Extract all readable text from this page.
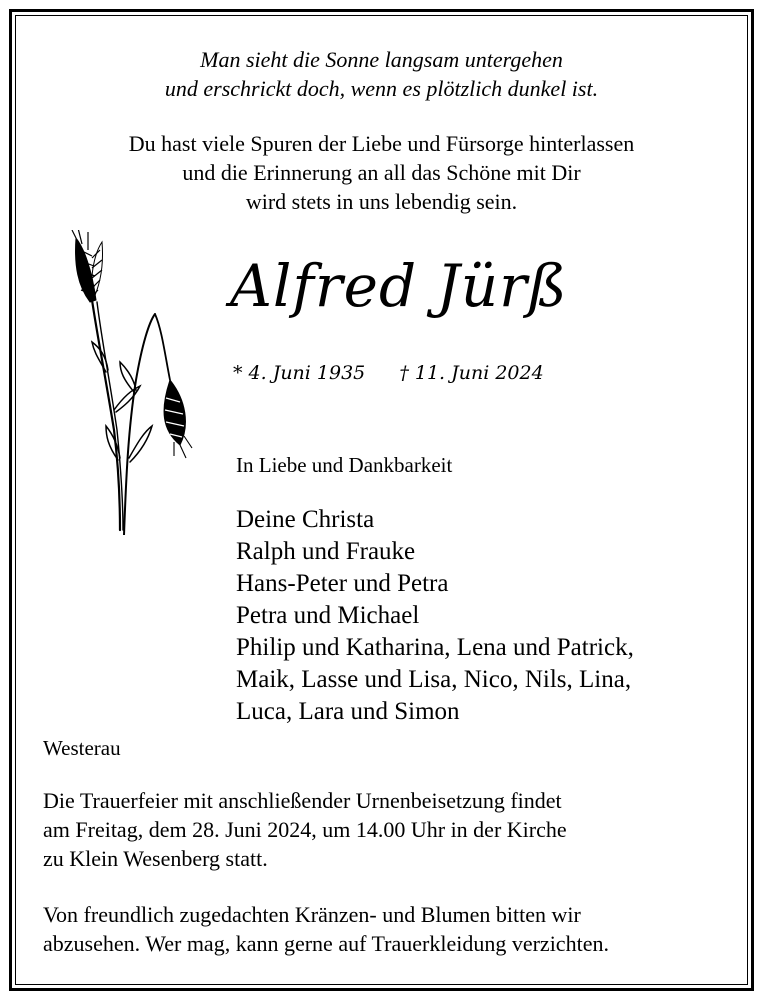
Man sieht die Sonne langsam untergehen
und erschrickt doch, wenn es plötzlich dunkel ist.
Du hast viele Spuren der Liebe und Fürsorge hinterlassen
und die Erinnerung an all das Schöne mit Dir
wird stets in uns lebendig sein.
Alfred Jürß
* 4. Juni 1935 † 11. Juni 2024
In Liebe und Dankbarkeit
Deine Christa
Ralph und Frauke
Hans-Peter und Petra
Petra und Michael
Philip und Katharina, Lena und Patrick,
Maik, Lasse und Lisa, Nico, Nils, Lina,
Luca, Lara und Simon
Westerau
Die Trauerfeier mit anschließender Urnenbeisetzung findet
am Freitag, dem 28. Juni 2024, um 14.00 Uhr in der Kirche
zu Klein Wesenberg statt.
Von freundlich zugedachten Kränzen- und Blumen bitten wir
abzusehen. Wer mag, kann gerne auf Trauerkleidung verzichten.
